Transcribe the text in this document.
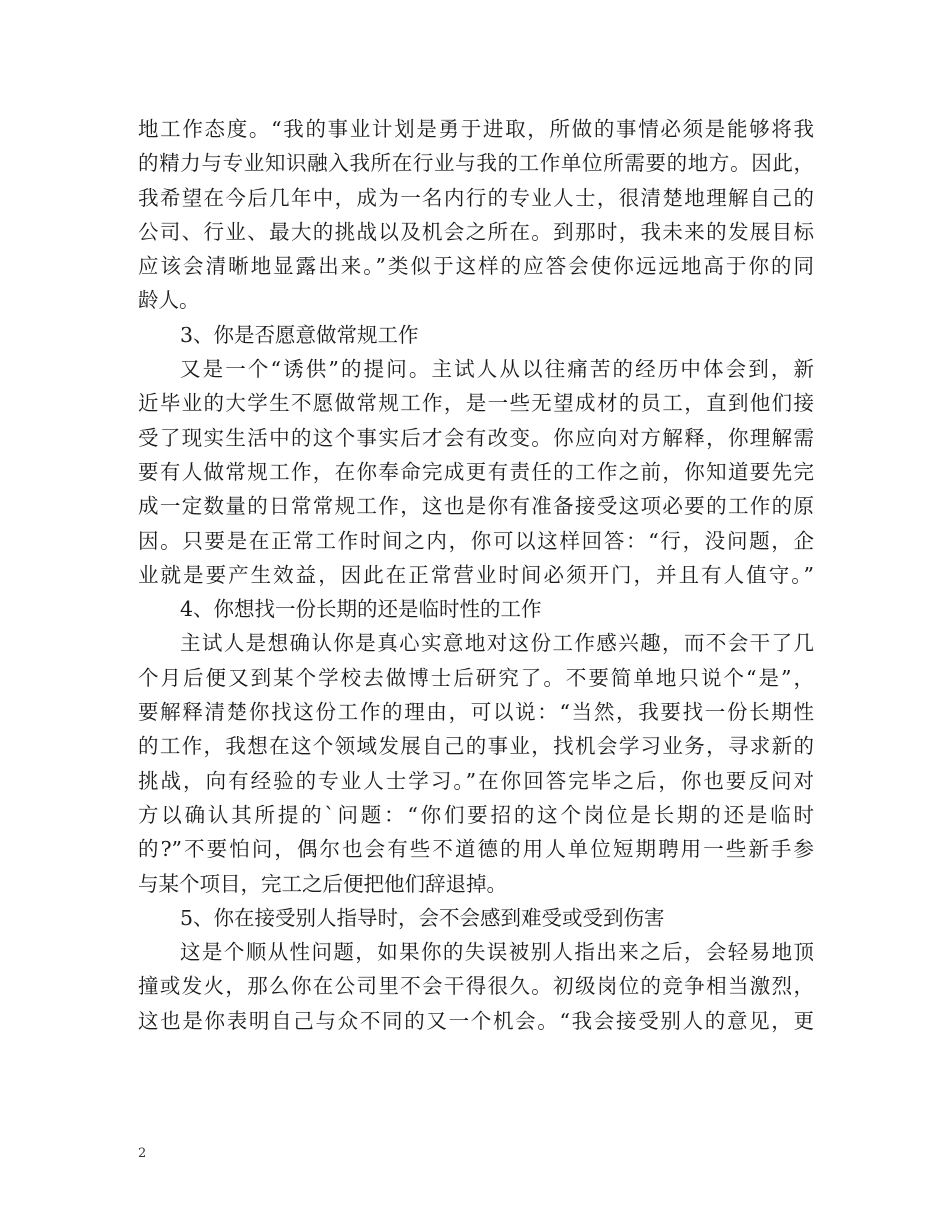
地工作态度。“我的事业计划是勇于进取，所做的事情必须是能够将我
的精力与专业知识融入我所在行业与我的工作单位所需要的地方。因此，
我希望在今后几年中，成为一名内行的专业人士，很清楚地理解自己的
公司、行业、最大的挑战以及机会之所在。到那时，我未来的发展目标
应该会清晰地显露出来。”类似于这样的应答会使你远远地高于你的同
龄人。
3、你是否愿意做常规工作
又是一个“诱供”的提问。主试人从以往痛苦的经历中体会到，新
近毕业的大学生不愿做常规工作，是一些无望成材的员工，直到他们接
受了现实生活中的这个事实后才会有改变。你应向对方解释，你理解需
要有人做常规工作，在你奉命完成更有责任的工作之前，你知道要先完
成一定数量的日常常规工作，这也是你有准备接受这项必要的工作的原
因。只要是在正常工作时间之内，你可以这样回答：“行，没问题，企
业就是要产生效益，因此在正常营业时间必须开门，并且有人值守。”
4、你想找一份长期的还是临时性的工作
主试人是想确认你是真心实意地对这份工作感兴趣，而不会干了几
个月后便又到某个学校去做博士后研究了。不要简单地只说个“是”，
要解释清楚你找这份工作的理由，可以说：“当然，我要找一份长期性
的工作，我想在这个领域发展自己的事业，找机会学习业务，寻求新的
挑战，向有经验的专业人士学习。”在你回答完毕之后，你也要反问对
方以确认其所提的`问题：“你们要招的这个岗位是长期的还是临时
的?”不要怕问，偶尔也会有些不道德的用人单位短期聘用一些新手参
与某个项目，完工之后便把他们辞退掉。
5、你在接受别人指导时，会不会感到难受或受到伤害
这是个顺从性问题，如果你的失误被别人指出来之后，会轻易地顶
撞或发火，那么你在公司里不会干得很久。初级岗位的竞争相当激烈，
这也是你表明自己与众不同的又一个机会。“我会接受别人的意见，更
2
